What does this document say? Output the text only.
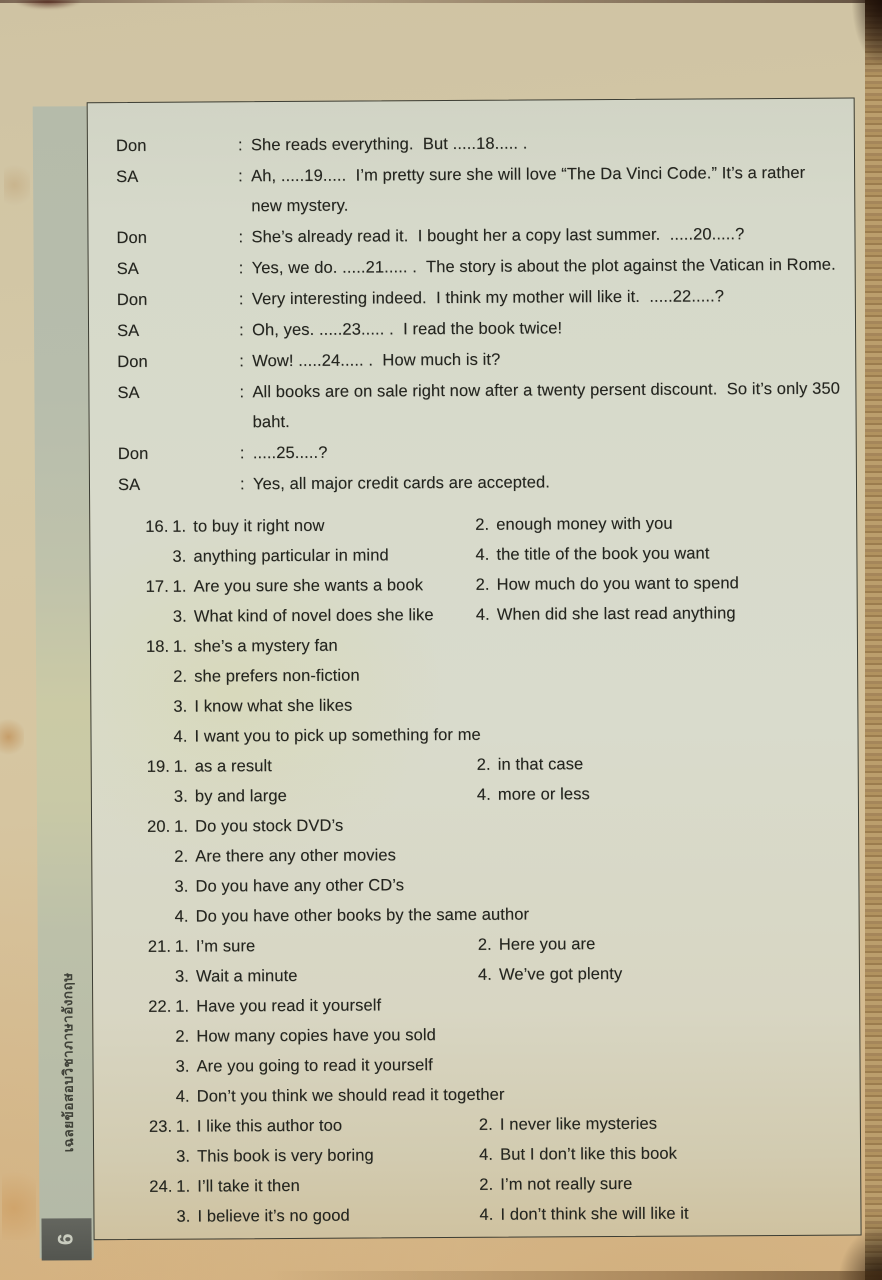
เฉลยข้อสอบวิชาภาษาอังกฤษ
6
Don	: She reads everything.  But .....18..... .
SA	: Ah, .....19.....  I’m pretty sure she will love “The Da Vinci Code.” It’s a rather new mystery.
Don	: She’s already read it.  I bought her a copy last summer.  .....20.....?
SA	: Yes, we do. .....21..... .  The story is about the plot against the Vatican in Rome.
Don	: Very interesting indeed.  I think my mother will like it.  .....22.....?
SA	: Oh, yes. .....23..... .  I read the book twice!
Don	: Wow! .....24..... .  How much is it?
SA	: All books are on sale right now after a twenty persent discount.  So it’s only 350 baht.
Don	: .....25.....?
SA	: Yes, all major credit cards are accepted.
16. 1. to buy it right now	2. enough money with you
3. anything particular in mind	4. the title of the book you want
17. 1. Are you sure she wants a book	2. How much do you want to spend
3. What kind of novel does she like	4. When did she last read anything
18. 1. she’s a mystery fan
2. she prefers non-fiction
3. I know what she likes
4. I want you to pick up something for me
19. 1. as a result	2. in that case
3. by and large	4. more or less
20. 1. Do you stock DVD’s
2. Are there any other movies
3. Do you have any other CD’s
4. Do you have other books by the same author
21. 1. I’m sure	2. Here you are
3. Wait a minute	4. We’ve got plenty
22. 1. Have you read it yourself
2. How many copies have you sold
3. Are you going to read it yourself
4. Don’t you think we should read it together
23. 1. I like this author too	2. I never like mysteries
3. This book is very boring	4. But I don’t like this book
24. 1. I’ll take it then	2. I’m not really sure
3. I believe it’s no good	4. I don’t think she will like it
